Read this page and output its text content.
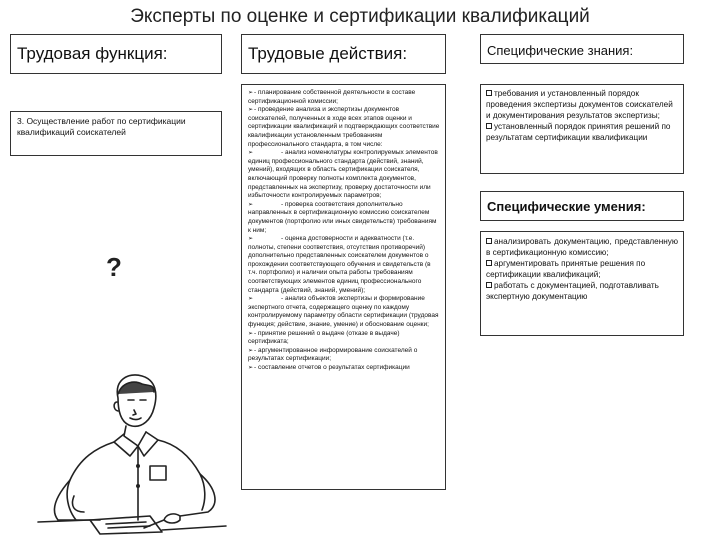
Эксперты по оценке и сертификации квалификаций
Трудовая функция:
3. Осуществление работ по сертификации квалификаций соискателей
?
Трудовые действия:
➢- планирование собственной деятельности в составе сертификационной комиссии;
➢- проведение анализа и экспертизы документов соискателей, полученных в ходе всех этапов оценки и сертификации квалификаций и подтверждающих соответствие квалификации установленным требованиям профессионального стандарта, в том числе:
➢	- анализ номенклатуры контролируемых элементов единиц профессионального стандарта (действий, знаний, умений), входящих в область сертификации соискателя, включающий проверку полноты комплекта документов, представленных на экспертизу, проверку достаточности или избыточности контролируемых параметров;
➢	- проверка соответствия дополнительно направленных в сертификационную комиссию соискателем документов (портфолио или иных свидетельств) требованиям к ним;
➢	- оценка достоверности и адекватности (т.е. полноты, степени соответствия, отсутствия противоречий) дополнительно представленных соискателем документов о прохождении соответствующего обучения и свидетельств (в т.ч. портфолио) и наличии опыта работы требованиям соответствующих элементов единиц профессионального стандарта (действий, знаний, умений);
➢	- анализ объектов экспертизы и формирование экспертного отчета, содержащего оценку по каждому контролируемому параметру области сертификации (трудовая функция; действие, знание, умение) и обоснование оценки;
➢- принятие решений о выдаче (отказе в выдаче) сертификата;
➢- аргументированное информирование соискателей о результатах сертификации;
➢- составление отчетов о результатах сертификации
Специфические знания:
требования и установленный порядок проведения экспертизы документов соискателей и документирования результатов экспертизы;
установленный порядок принятия решений по результатам сертификации квалификации
Специфические умения:
анализировать документацию, представленную в сертификационную комиссию;
аргументировать принятые решения по сертификации квалификаций;
работать с документацией, подготавливать экспертную документацию
